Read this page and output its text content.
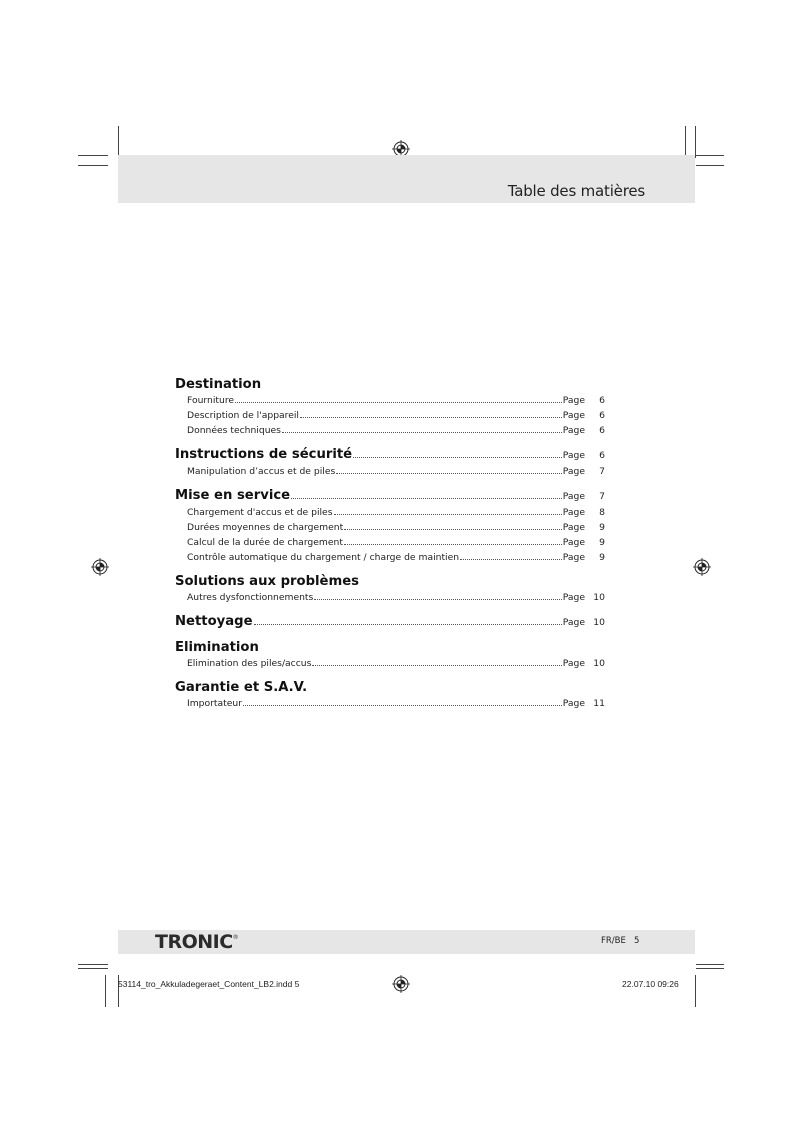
Table des matières
Destination
Fourniture	Page	6
Description de l'appareil	Page	6
Données techniques	Page	6
Instructions de sécurité	Page	6
Manipulation d’accus et de piles	Page	7
Mise en service	Page	7
Chargement d'accus et de piles	Page	8
Durées moyennes de chargement	Page	9
Calcul de la durée de chargement	Page	9
Contrôle automatique du chargement / charge de maintien	Page	9
Solutions aux problèmes
Autres dysfonctionnements	Page 10
Nettoyage	Page 10
Elimination
Elimination des piles/accus	Page 10
Garantie et S.A.V.
Importateur	Page 11
TRONIC®	FR/BE 5
53114_tro_Akkuladegeraet_Content_LB2.indd 5	22.07.10 09:26
